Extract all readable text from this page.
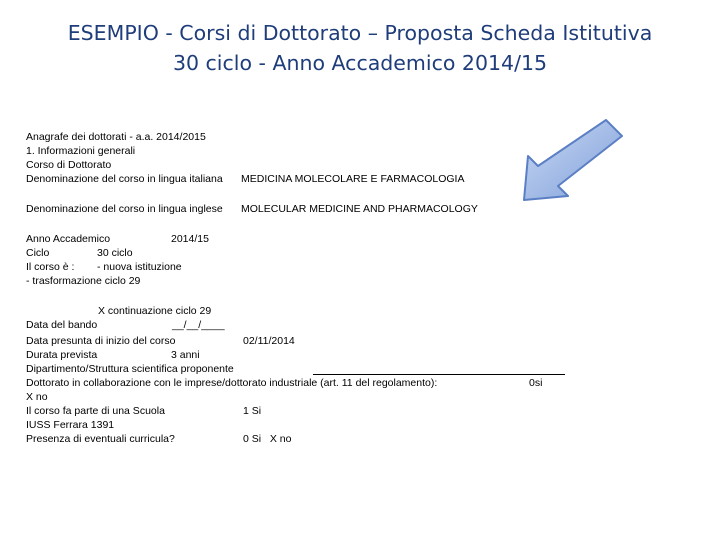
ESEMPIO - Corsi di Dottorato – Proposta Scheda Istitutiva
30 ciclo - Anno Accademico 2014/15
Anagrafe dei dottorati - a.a. 2014/2015
1. Informazioni generali
Corso di Dottorato
Denominazione del corso in lingua italiana MEDICINA MOLECOLARE E FARMACOLOGIA
Denominazione del corso in lingua inglese MOLECULAR MEDICINE AND PHARMACOLOGY
Anno Accademico	2014/15
Ciclo	30 ciclo
Il corso è : - nuova istituzione
- trasformazione ciclo 29
X continuazione ciclo 29
Data del bando	__/__/____
Data presunta di inizio del corso	02/11/2014
Durata prevista	3 anni
Dipartimento/Struttura scientifica proponente
Dottorato in collaborazione con le imprese/dottorato industriale (art. 11 del regolamento):	0si
X no
Il corso fa parte di una Scuola	1 Si
IUSS Ferrara 1391
Presenza di eventuali curricula?	0 Si   X no
